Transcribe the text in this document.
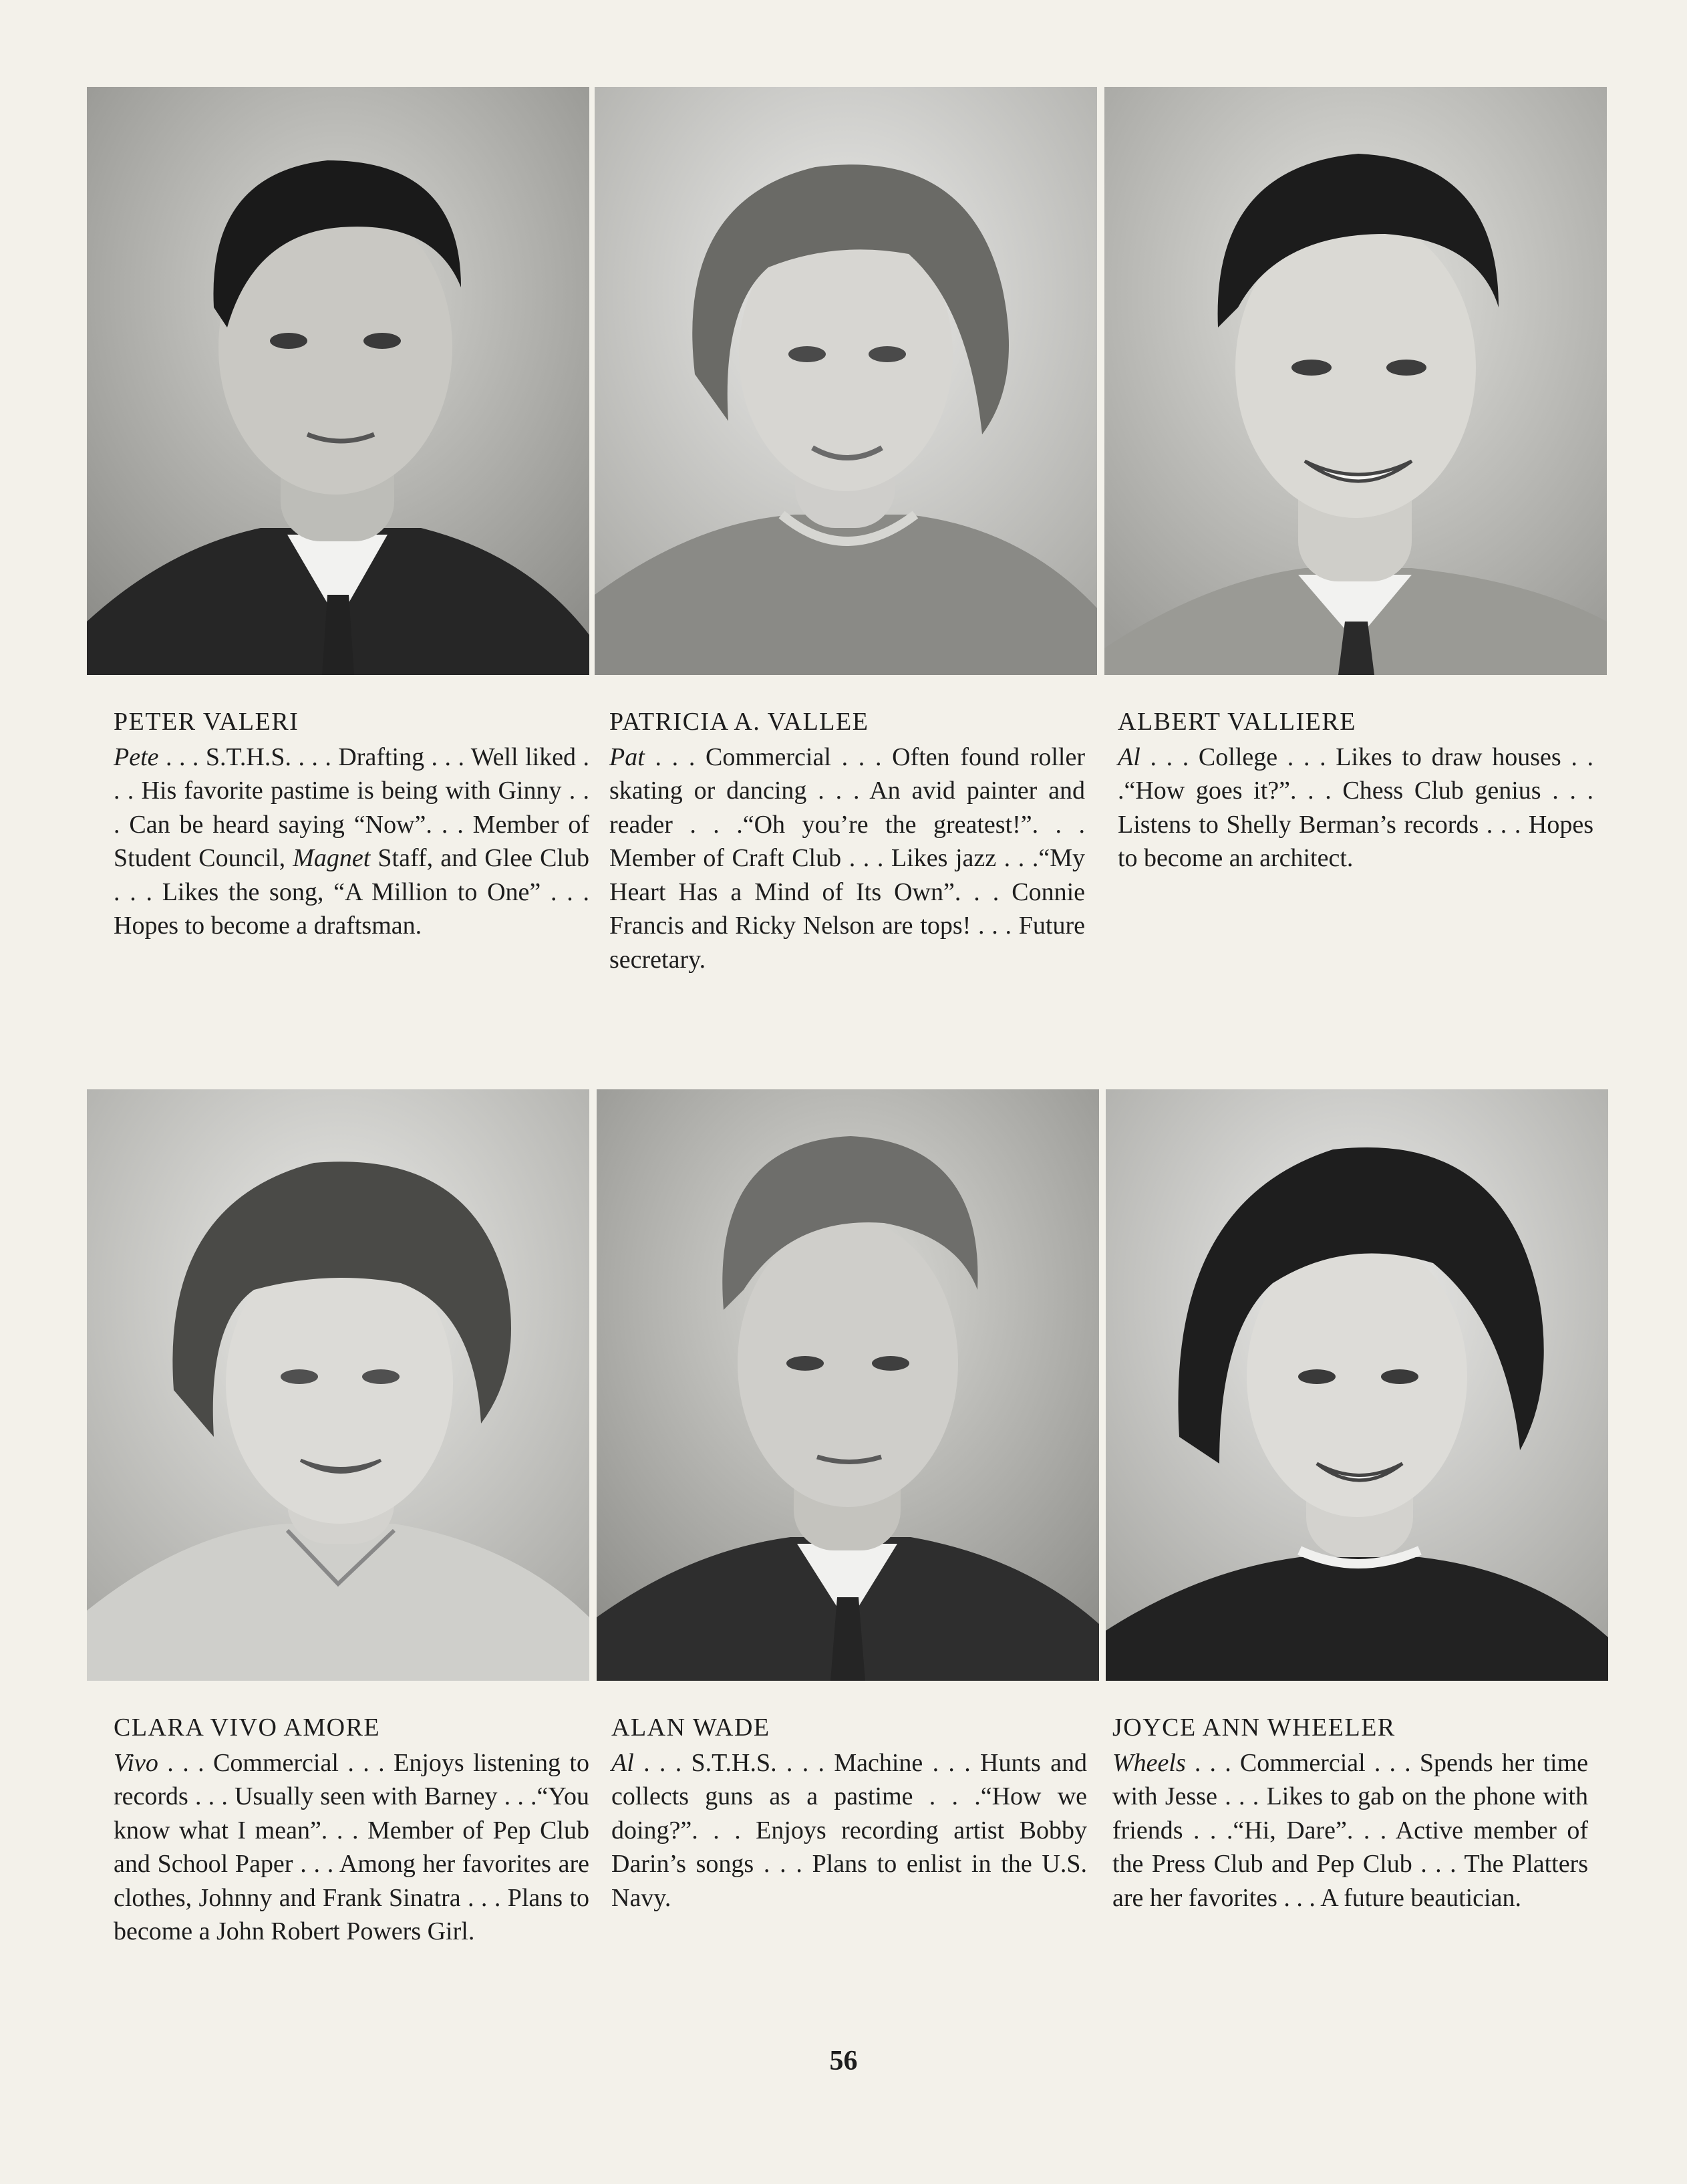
PETER VALERI
Pete . . . S.T.H.S. . . . Drafting . . . Well liked . . . His favorite pastime is being with Ginny . . . Can be heard saying “Now”. . . Member of Student Council, Magnet Staff, and Glee Club . . . Likes the song, “A Million to One” . . . Hopes to become a draftsman.
PATRICIA A. VALLEE
Pat . . . Commercial . . . Often found roller skating or dancing . . . An avid painter and reader . . .“Oh you’re the greatest!”. . . Member of Craft Club . . . Likes jazz . . .“My Heart Has a Mind of Its Own”. . . Connie Francis and Ricky Nelson are tops! . . . Future secretary.
ALBERT VALLIERE
Al . . . College . . . Likes to draw houses . . .“How goes it?”. . . Chess Club genius . . . Listens to Shelly Berman’s records . . . Hopes to become an architect.
CLARA VIVO AMORE
Vivo . . . Commercial . . . Enjoys listening to records . . . Usually seen with Barney . . .“You know what I mean”. . . Member of Pep Club and School Paper . . . Among her favorites are clothes, Johnny and Frank Sinatra . . . Plans to become a John Robert Powers Girl.
ALAN WADE
Al . . . S.T.H.S. . . . Machine . . . Hunts and collects guns as a pastime . . .“How we doing?”. . . Enjoys recording artist Bobby Darin’s songs . . . Plans to enlist in the U.S. Navy.
JOYCE ANN WHEELER
Wheels . . . Commercial . . . Spends her time with Jesse . . . Likes to gab on the phone with friends . . .“Hi, Dare”. . . Active member of the Press Club and Pep Club . . . The Platters are her favorites . . . A future beautician.
56
